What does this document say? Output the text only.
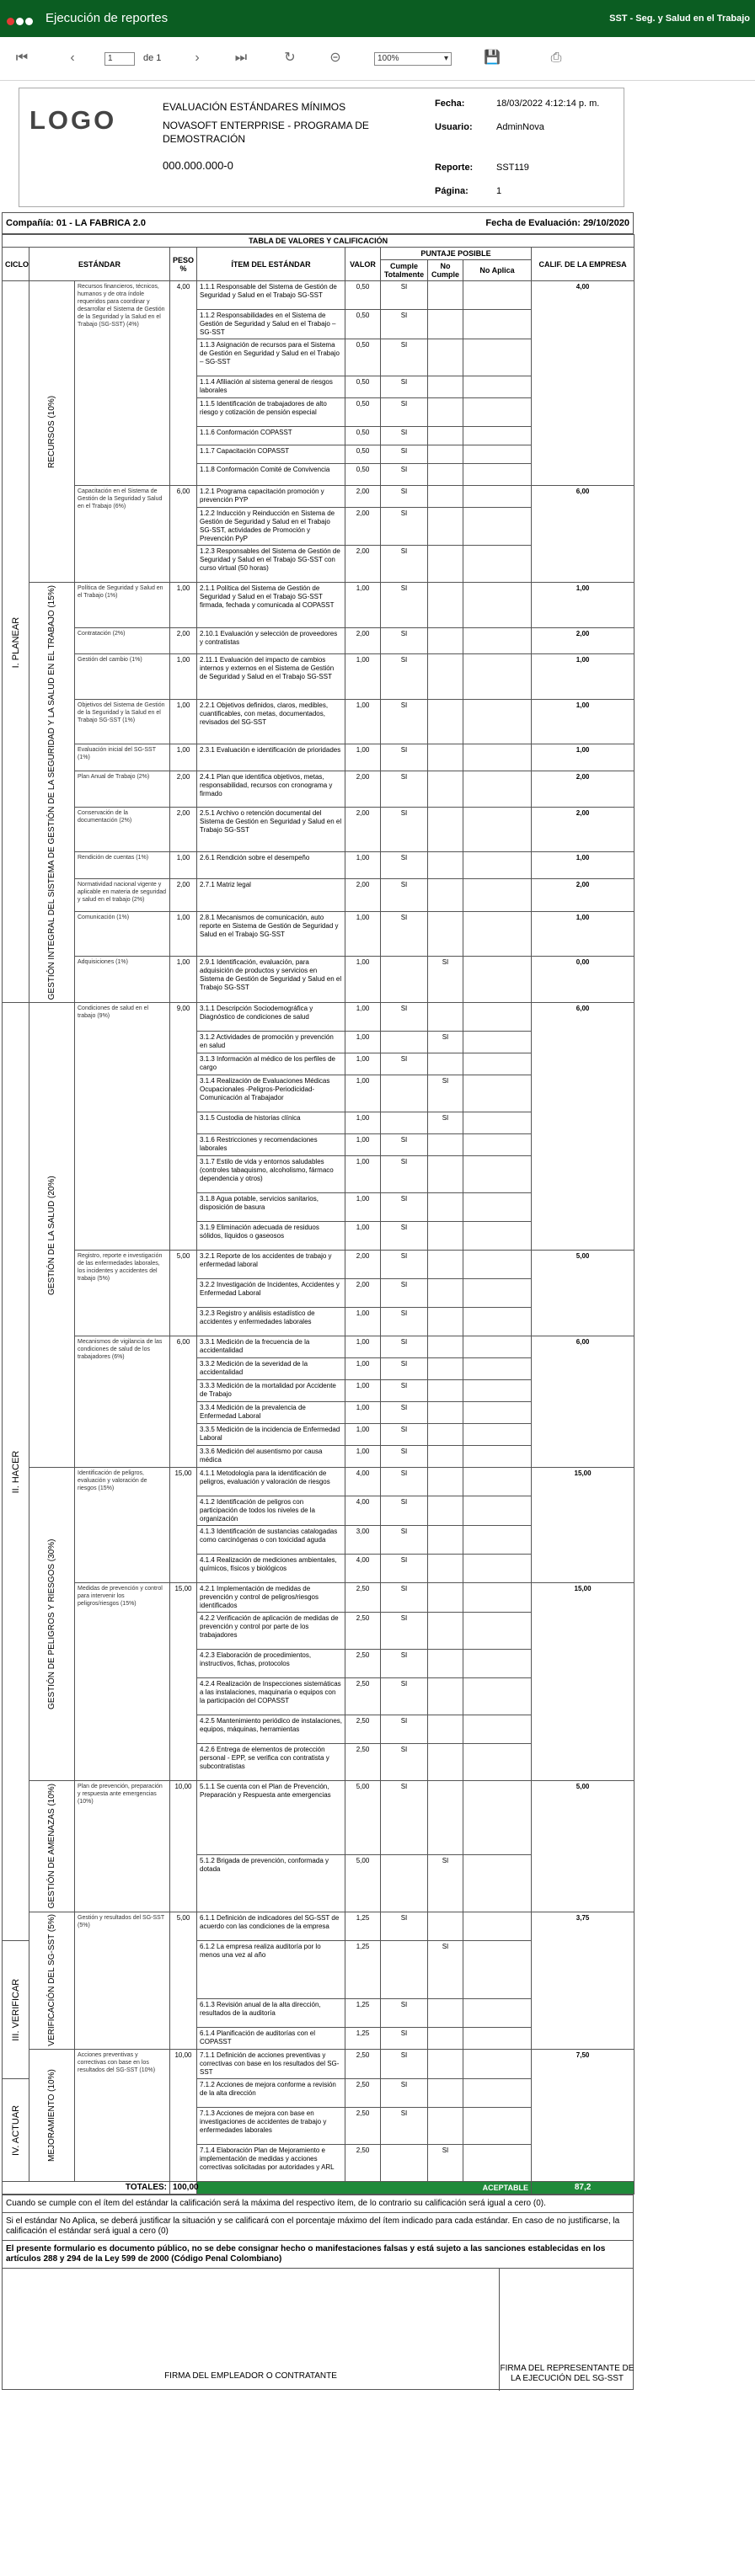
Ejecución de reportes	SST - Seg. y Salud en el Trabajo
⏮	‹	1	de 1	›	⏭	↻	⊝	100% ▾	💾	⎙
LOGO	EVALUACIÓN ESTÁNDARES MÍNIMOS
NOVASOFT ENTERPRISE - PROGRAMA DE DEMOSTRACIÓN
000.000.000-0
Fecha:	18/03/2022 4:12:14 p. m.
Usuario:	AdminNova
Reporte:	SST119
Página:	1
Compañía: 01 - LA FABRICA 2.0	Fecha de Evaluación: 29/10/2020
TABLA DE VALORES Y CALIFICACIÓN									
CICLO	ESTÁNDAR		PESO %	ÍTEM DEL ESTÁNDAR	VALOR	PUNTAJE POSIBLE			CALIF. DE LA EMPRESA
						Cumple Totalmente	No Cumple	No Aplica	
I. PLANEAR	RECURSOS (10%)	Recursos financieros, técnicos, humanos y de otra índole requeridos para coordinar y desarrollar el Sistema de Gestión de la Seguridad y la Salud en el Trabajo (SG-SST) (4%)	4,00	1.1.1 Responsable del Sistema de Gestión de Seguridad y Salud en el Trabajo SG-SST	0,50	SI			4,00
				1.1.2 Responsabilidades en el Sistema de Gestión de Seguridad y Salud en el Trabajo – SG-SST	0,50	SI			
				1.1.3 Asignación de recursos para el Sistema de Gestión en Seguridad y Salud en el Trabajo – SG-SST	0,50	SI			
				1.1.4 Afiliación al sistema general de riesgos laborales	0,50	SI			
				1.1.5 Identificación de trabajadores de alto riesgo y cotización de pensión especial	0,50	SI			
				1.1.6 Conformación COPASST	0,50	SI			
				1.1.7 Capacitación COPASST	0,50	SI			
				1.1.8 Conformación Comité de Convivencia	0,50	SI			
		Capacitación en el Sistema de Gestión de la Seguridad y Salud en el Trabajo (6%)	6,00	1.2.1 Programa capacitación promoción y prevención PYP	2,00	SI			6,00
				1.2.2 Inducción y Reinducción en Sistema de Gestión de Seguridad y Salud en el Trabajo SG-SST, actividades de Promoción y Prevención PyP	2,00	SI			
				1.2.3 Responsables del Sistema de Gestión de Seguridad y Salud en el Trabajo SG-SST con curso virtual (50 horas)	2,00	SI			
	GESTIÓN INTEGRAL DEL SISTEMA DE GESTIÓN DE LA SEGURIDAD Y LA SALUD EN EL TRABAJO (15%)	Política de Seguridad y Salud en el Trabajo (1%)	1,00	2.1.1 Política del Sistema de Gestión de Seguridad y Salud en el Trabajo SG-SST firmada, fechada y comunicada al COPASST	1,00	SI			1,00
		Contratación (2%)	2,00	2.10.1 Evaluación y selección de proveedores y contratistas	2,00	SI			2,00
		Gestión del cambio (1%)	1,00	2.11.1 Evaluación del impacto de cambios internos y externos en el Sistema de Gestión de Seguridad y Salud en el Trabajo SG-SST	1,00	SI			1,00
		Objetivos del Sistema de Gestión de la Seguridad y la Salud en el Trabajo SG-SST (1%)	1,00	2.2.1 Objetivos definidos, claros, medibles, cuantificables, con metas, documentados, revisados del SG-SST	1,00	SI			1,00
		Evaluación inicial del SG-SST (1%)	1,00	2.3.1 Evaluación e identificación de prioridades	1,00	SI			1,00
		Plan Anual de Trabajo (2%)	2,00	2.4.1 Plan que identifica objetivos, metas, responsabilidad, recursos con cronograma y firmado	2,00	SI			2,00
		Conservación de la documentación (2%)	2,00	2.5.1 Archivo o retención documental del Sistema de Gestión en Seguridad y Salud en el Trabajo SG-SST	2,00	SI			2,00
		Rendición de cuentas (1%)	1,00	2.6.1 Rendición sobre el desempeño	1,00	SI			1,00
		Normatividad nacional vigente y aplicable en materia de seguridad y salud en el trabajo (2%)	2,00	2.7.1 Matriz legal	2,00	SI			2,00
		Comunicación (1%)	1,00	2.8.1 Mecanismos de comunicación, auto reporte en Sistema de Gestión de Seguridad y Salud en el Trabajo SG-SST	1,00	SI			1,00
		Adquisiciones (1%)	1,00	2.9.1 Identificación, evaluación, para adquisición de productos y servicios en Sistema de Gestión de Seguridad y Salud en el Trabajo SG-SST	1,00		SI		0,00
II. HACER	GESTIÓN DE LA SALUD (20%)	Condiciones de salud en el trabajo (9%)	9,00	3.1.1 Descripción Sociodemográfica y Diagnóstico de condiciones de salud	1,00	SI			6,00
				3.1.2 Actividades de promoción y prevención en salud	1,00		SI		
				3.1.3 Información al médico de los perfiles de cargo	1,00	SI			
				3.1.4 Realización de Evaluaciones Médicas Ocupacionales -Peligros-Periodicidad- Comunicación al Trabajador	1,00		SI		
				3.1.5 Custodia de historias clínica	1,00		SI		
				3.1.6 Restricciones y recomendaciones laborales	1,00	SI			
				3.1.7 Estilo de vida y entornos saludables (controles tabaquismo, alcoholismo, fármaco dependencia y otros)	1,00	SI			
				3.1.8 Agua potable, servicios sanitarios, disposición de basura	1,00	SI			
				3.1.9 Eliminación adecuada de residuos sólidos, líquidos o gaseosos	1,00	SI			
		Registro, reporte e investigación de las enfermedades laborales, los incidentes y accidentes del trabajo (5%)	5,00	3.2.1 Reporte de los accidentes de trabajo y enfermedad laboral	2,00	SI			5,00
				3.2.2 Investigación de Incidentes, Accidentes y Enfermedad Laboral	2,00	SI			
				3.2.3 Registro y análisis estadístico de accidentes y enfermedades laborales	1,00	SI			
		Mecanismos de vigilancia de las condiciones de salud de los trabajadores (6%)	6,00	3.3.1 Medición de la frecuencia de la accidentalidad	1,00	SI			6,00
				3.3.2 Medición de la severidad de la accidentalidad	1,00	SI			
				3.3.3 Medición de la mortalidad por Accidente de Trabajo	1,00	SI			
				3.3.4 Medición de la prevalencia de Enfermedad Laboral	1,00	SI			
				3.3.5 Medición de la incidencia de Enfermedad Laboral	1,00	SI			
				3.3.6 Medición del ausentismo por causa médica	1,00	SI			
	GESTIÓN DE PELIGROS Y RIESGOS (30%)	Identificación de peligros, evaluación y valoración de riesgos (15%)	15,00	4.1.1 Metodología para la identificación de peligros, evaluación y valoración de riesgos	4,00	SI			15,00
				4.1.2 Identificación de peligros con participación de todos los niveles de la organización	4,00	SI			
				4.1.3 Identificación de sustancias catalogadas como carcinógenas o con toxicidad aguda	3,00	SI			
				4.1.4 Realización de mediciones ambientales, químicos, físicos y biológicos	4,00	SI			
		Medidas de prevención y control para intervenir los peligros/riesgos (15%)	15,00	4.2.1 Implementación de medidas de prevención y control de peligros/riesgos identificados	2,50	SI			15,00
				4.2.2 Verificación de aplicación de medidas de prevención y control por parte de los trabajadores	2,50	SI			
				4.2.3 Elaboración de procedimientos, instructivos, fichas, protocolos	2,50	SI			
				4.2.4 Realización de Inspecciones sistemáticas a las instalaciones, maquinaria o equipos con la participación del COPASST	2,50	SI			
				4.2.5 Mantenimiento periódico de instalaciones, equipos, máquinas, herramientas	2,50	SI			
				4.2.6 Entrega de elementos de protección personal - EPP, se verifica con contratista y subcontratistas	2,50	SI			
	GESTIÓN DE AMENAZAS (10%)	Plan de prevención, preparación y respuesta ante emergencias (10%)	10,00	5.1.1 Se cuenta con el Plan de Prevención, Preparación y Respuesta ante emergencias	5,00	SI			5,00
				5.1.2 Brigada de prevención, conformada y dotada	5,00		SI		
	VERIFICACIÓN DEL SG-SST (5%)	Gestión y resultados del SG-SST (5%)	5,00	6.1.1 Definición de indicadores del SG-SST de acuerdo con las condiciones de la empresa	1,25	SI			3,75
III. VERIFICAR				6.1.2 La empresa realiza auditoría por lo menos una vez al año	1,25		SI		
				6.1.3 Revisión anual de la alta dirección, resultados de la auditoría	1,25	SI			
				6.1.4 Planificación de auditorías con el COPASST	1,25	SI			
	MEJORAMIENTO (10%)	Acciones preventivas y correctivas con base en los resultados del SG-SST (10%)	10,00	7.1.1 Definición de acciones preventivas y correctivas con base en los resultados del SG-SST	2,50	SI			7,50
IV. ACTUAR				7.1.2 Acciones de mejora conforme a revisión de la alta dirección	2,50	SI			
				7.1.3 Acciones de mejora con base en investigaciones de accidentes de trabajo y enfermedades laborales	2,50	SI			
				7.1.4 Elaboración Plan de Mejoramiento e implementación de medidas y acciones correctivas solicitadas por autoridades y ARL	2,50		SI		
TOTALES:			100,00	ACEPTABLE					87,2
Cuando se cumple con el ítem del estándar la calificación será la máxima del respectivo ítem, de lo contrario su calificación será igual a cero (0).
Si el estándar No Aplica, se deberá justificar la situación y se calificará con el porcentaje máximo del ítem indicado para cada estándar. En caso de no justificarse, la calificación el estándar será igual a cero (0)
El presente formulario es documento público, no se debe consignar hecho o manifestaciones falsas y está sujeto a las sanciones establecidas en los artículos 288 y 294 de la Ley 599 de 2000 (Código Penal Colombiano)
FIRMA DEL EMPLEADOR O CONTRATANTE
FIRMA DEL REPRESENTANTE DE LA EJECUCIÓN DEL SG-SST
